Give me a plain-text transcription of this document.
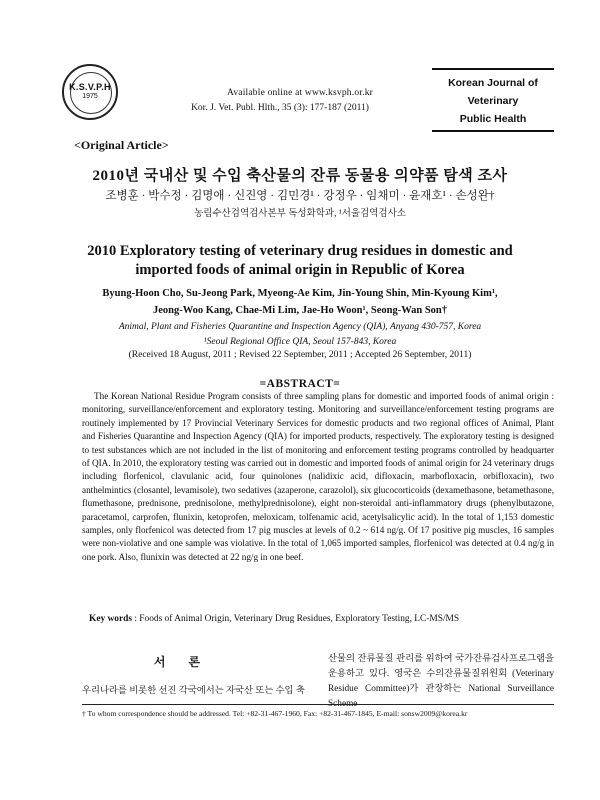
K.S.V.P.H
1975	Available online at www.ksvph.or.kr
Kor. J. Vet. Publ. Hlth., 35 (3): 177-187 (2011)
Korean Journal of
Veterinary
Public Health
<Original Article>
2010년 국내산 및 수입 축산물의 잔류 동물용 의약품 탐색 조사
조병훈 · 박수정 · 김명애 · 신진영 · 김민경¹ · 강정우 · 임채미 · 윤재호¹ · 손성완†
농림수산검역검사본부 독성화학과, ¹서울검역검사소
2010 Exploratory testing of veterinary drug residues in domestic and
imported foods of animal origin in Republic of Korea
Byung-Hoon Cho, Su-Jeong Park, Myeong-Ae Kim, Jin-Young Shin, Min-Kyoung Kim¹,
Jeong-Woo Kang, Chae-Mi Lim, Jae-Ho Woon¹, Seong-Wan Son†
Animal, Plant and Fisheries Quarantine and Inspection Agency (QIA), Anyang 430-757, Korea
¹Seoul Regional Office QIA, Seoul 157-843, Korea
(Received 18 August, 2011 ; Revised 22 September, 2011 ; Accepted 26 September, 2011)
=ABSTRACT=

The Korean National Residue Program consists of three sampling plans for domestic and imported foods of animal origin : monitoring, surveillance/enforcement and exploratory testing. Monitoring and surveillance/enforcement testing programs are routinely implemented by 17 Provincial Veterinary Services for domestic products and two regional offices of Animal, Plant and Fisheries Quarantine and Inspection Agency (QIA) for imported products, respectively. The exploratory testing is designed to test substances which are not included in the list of monitoring and enforcement testing programs controlled by headquarter of QIA. In 2010, the exploratory testing was carried out in domestic and imported foods of animal origin for 24 veterinary drugs including florfenicol, clavulanic acid, four quinolones (nalidixic acid, difloxacin, marbofloxacin, orbifloxacin), two anthelmintics (closantel, levamisole), two sedatives (azaperone, carazolol), six glucocorticoids (dexamethasone, betamethasone, flumethasone, prednisone, prednisolone, methylprednisolone), eight non-steroidal anti-inflammatory drugs (phenylbutazone, paracetamol, carprofen, flunixin, ketoprofen, meloxicam, tolfenamic acid, acetylsalicylic acid). In the total of 1,153 domestic samples, only florfenicol was detected from 17 pig muscles at levels of 0.2 ~ 614 ng/g. Of 17 positive pig muscles, 16 samples were non-violative and one sample was violative. In the total of 1,065 imported samples, florfenicol was detected at 0.4 ng/g in one pork. Also, flunixin was detected at 22 ng/g in one beef.

Key words : Foods of Animal Origin, Veterinary Drug Residues, Exploratory Testing, LC-MS/MS
서 론
우리나라를 비롯한 선진 각국에서는 자국산 또는 수입 축
산물의 잔류물질 관리를 위하여 국가잔류검사프로그램을 운용하고 있다. 영국은 수의잔류물질위원회 (Veterinary Residue Committee)가 관장하는 National Surveillance Scheme
† To whom correspondence should be addressed. Tel: +82-31-467-1960, Fax: +82-31-467-1845, E-mail: sonsw2009@korea.kr
